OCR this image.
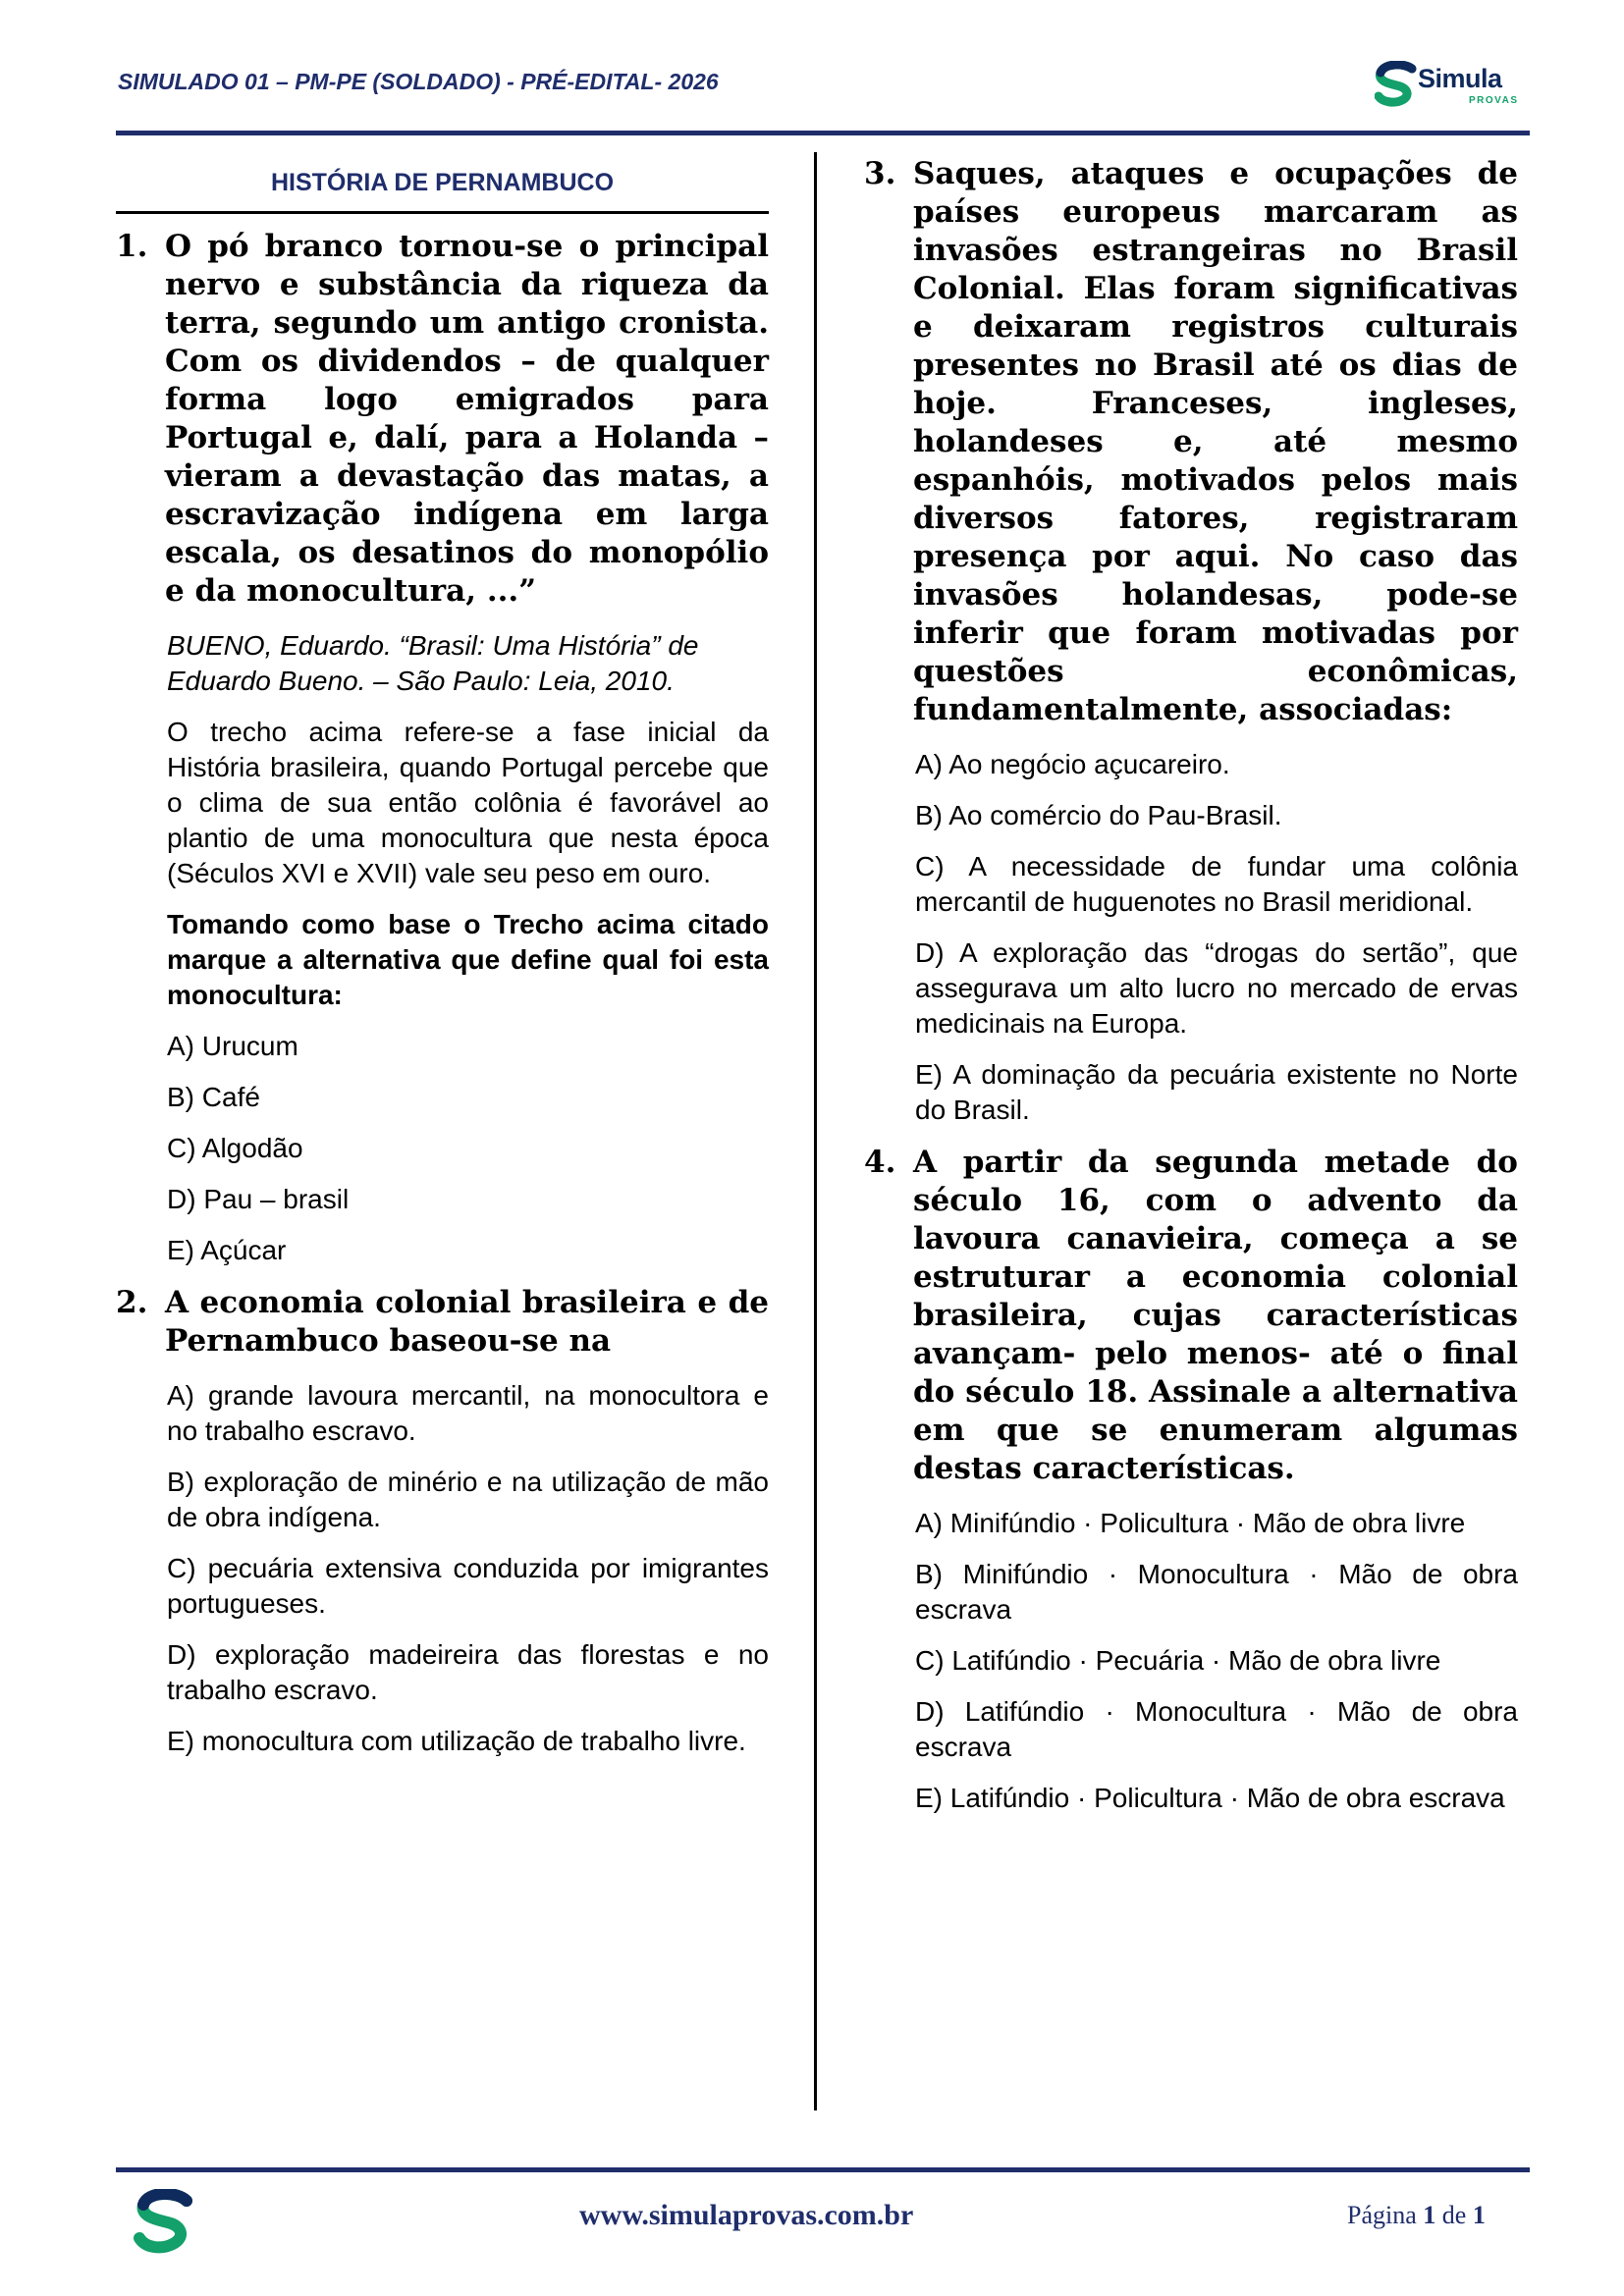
SIMULADO 01 – PM-PE (SOLDADO) - PRÉ-EDITAL- 2026	Simula
PROVAS
HISTÓRIA DE PERNAMBUCO
1. O pó branco tornou-se o principal nervo e substância da riqueza da terra, segundo um antigo cronista. Com os dividendos – de qualquer forma logo emigrados para Portugal e, dalí, para a Holanda – vieram a devastação das matas, a escravização indígena em larga escala, os desatinos do monopólio e da monocultura, ...”
BUENO, Eduardo. “Brasil: Uma História” de Eduardo Bueno. – São Paulo: Leia, 2010.
O trecho acima refere-se a fase inicial da História brasileira, quando Portugal percebe que o clima de sua então colônia é favorável ao plantio de uma monocultura que nesta época (Séculos XVI e XVII) vale seu peso em ouro.
Tomando como base o Trecho acima citado marque a alternativa que define qual foi esta monocultura:
A) Urucum
B) Café
C) Algodão
D) Pau – brasil
E) Açúcar
2. A economia colonial brasileira e de Pernambuco baseou-se na
A) grande lavoura mercantil, na monocultora e no trabalho escravo.
B) exploração de minério e na utilização de mão de obra indígena.
C) pecuária extensiva conduzida por imigrantes portugueses.
D) exploração madeireira das florestas e no trabalho escravo.
E) monocultura com utilização de trabalho livre.
3. Saques, ataques e ocupações de países europeus marcaram as invasões estrangeiras no Brasil Colonial. Elas foram significativas e deixaram registros culturais presentes no Brasil até os dias de hoje. Franceses, ingleses, holandeses e, até mesmo espanhóis, motivados pelos mais diversos fatores, registraram presença por aqui. No caso das invasões holandesas, pode-se inferir que foram motivadas por questões econômicas, fundamentalmente, associadas:
A) Ao negócio açucareiro.
B) Ao comércio do Pau-Brasil.
C) A necessidade de fundar uma colônia mercantil de huguenotes no Brasil meridional.
D) A exploração das “drogas do sertão”, que assegurava um alto lucro no mercado de ervas medicinais na Europa.
E) A dominação da pecuária existente no Norte do Brasil.
4. A partir da segunda metade do século 16, com o advento da lavoura canavieira, começa a se estruturar a economia colonial brasileira, cujas características avançam- pelo menos- até o final do século 18. Assinale a alternativa em que se enumeram algumas destas características.
A) Minifúndio · Policultura · Mão de obra livre
B) Minifúndio · Monocultura · Mão de obra escrava
C) Latifúndio · Pecuária · Mão de obra livre
D) Latifúndio · Monocultura · Mão de obra escrava
E) Latifúndio · Policultura · Mão de obra escrava
www.simulaprovas.com.br	Página 1 de 1
